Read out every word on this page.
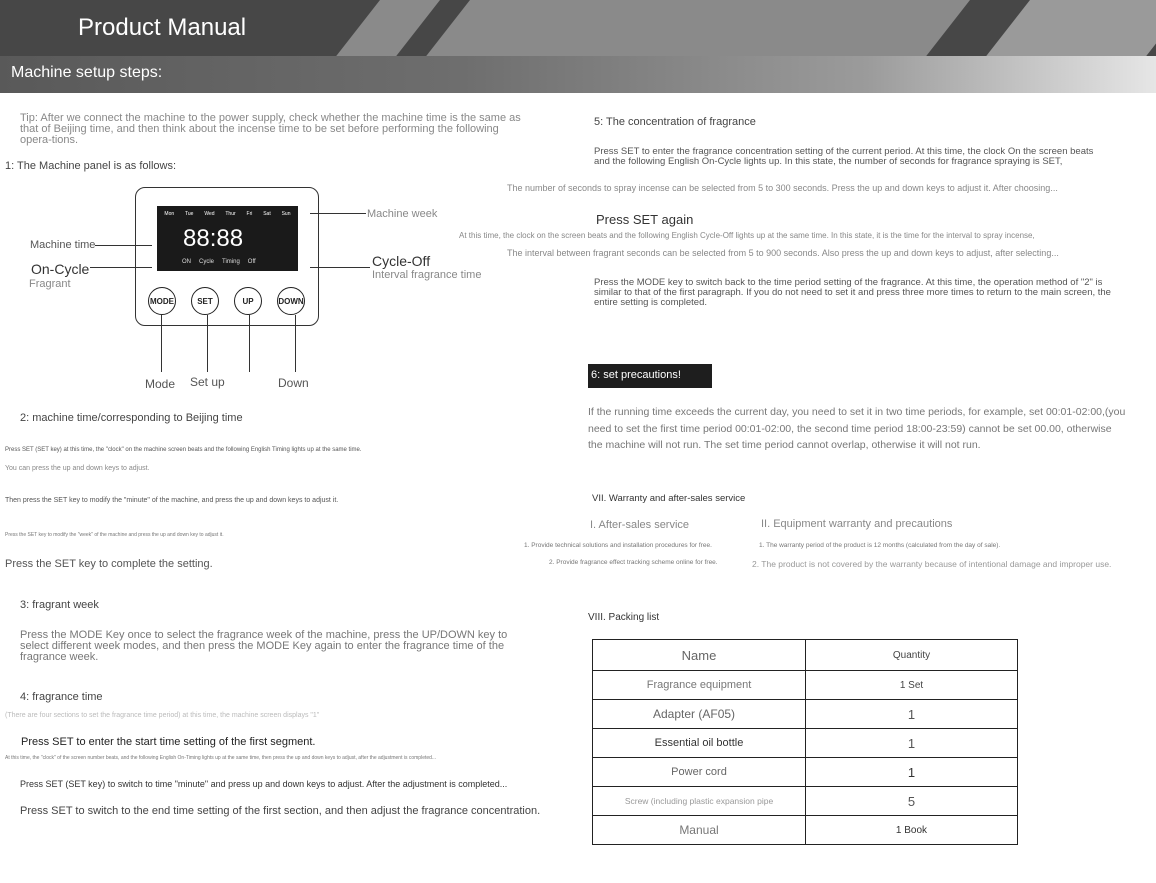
Product Manual
Machine setup steps:
Tip: After we connect the machine to the power supply, check whether the machine time is the same as that of Beijing time, and then think about the incense time to be set before performing the following opera-tions.
1: The Machine panel is as follows:
Mon Tue Wed Thur Fri Sat Sun
88:88
ON Cycle Timing Off
MODE	SET	UP	DOWN
Machine week
Machine time
On-Cycle
Fragrant
Cycle-Off
Interval fragrance time
Mode Set up	Down
2: machine time/corresponding to Beijing time
Press SET (SET key) at this time, the "clock" on the machine screen beats and the following English Timing lights up at the same time.
You can press the up and down keys to adjust.
Then press the SET key to modify the "minute" of the machine, and press the up and down keys to adjust it.
Press the SET key to modify the "week" of the machine and press the up and down key to adjust it.
Press the SET key to complete the setting.
3: fragrant week
Press the MODE Key once to select the fragrance week of the machine, press the UP/DOWN key to select different week modes, and then press the MODE Key again to enter the fragrance time of the fragrance week.
4: fragrance time
(There are four sections to set the fragrance time period) at this time, the machine screen displays "1"
Press SET to enter the start time setting of the first segment.
At this time, the "clock" of the screen number beats, and the following English On-Timing lights up at the same time, then press the up and down keys to adjust, after the adjustment is completed...
Press SET (SET key) to switch to time "minute" and press up and down keys to adjust. After the adjustment is completed...
Press SET to switch to the end time setting of the first section, and then adjust the fragrance concentration.
5: The concentration of fragrance
Press SET to enter the fragrance concentration setting of the current period. At this time, the clock On the screen beats and the following English On-Cycle lights up. In this state, the number of seconds for fragrance spraying is SET,
The number of seconds to spray incense can be selected from 5 to 300 seconds. Press the up and down keys to adjust it. After choosing...
Press SET again
At this time, the clock on the screen beats and the following English Cycle-Off lights up at the same time. In this state, it is the time for the interval to spray incense,
The interval between fragrant seconds can be selected from 5 to 900 seconds. Also press the up and down keys to adjust, after selecting...
Press the MODE key to switch back to the time period setting of the fragrance. At this time, the operation method of "2" is similar to that of the first paragraph. If you do not need to set it and press three more times to return to the main screen, the entire setting is completed.
6: set precautions!
If the running time exceeds the current day, you need to set it in two time periods, for example, set 00:01-02:00,(you need to set the first time period 00:01-02:00, the second time period 18:00-23:59) cannot be set 00.00, otherwise the machine will not run. The set time period cannot overlap, otherwise it will not run.
VII. Warranty and after-sales service
I. After-sales service	II. Equipment warranty and precautions
1. Provide technical solutions and installation procedures for free.	1. The warranty period of the product is 12 months (calculated from the day of sale).
2. Provide fragrance effect tracking scheme online for free.	2. The product is not covered by the warranty because of intentional damage and improper use.
VIII. Packing list
Name	Quantity
Fragrance equipment	1 Set
Adapter (AF05)	1
Essential oil bottle	1
Power cord	1
Screw (including plastic expansion pipe	5
Manual	1 Book
